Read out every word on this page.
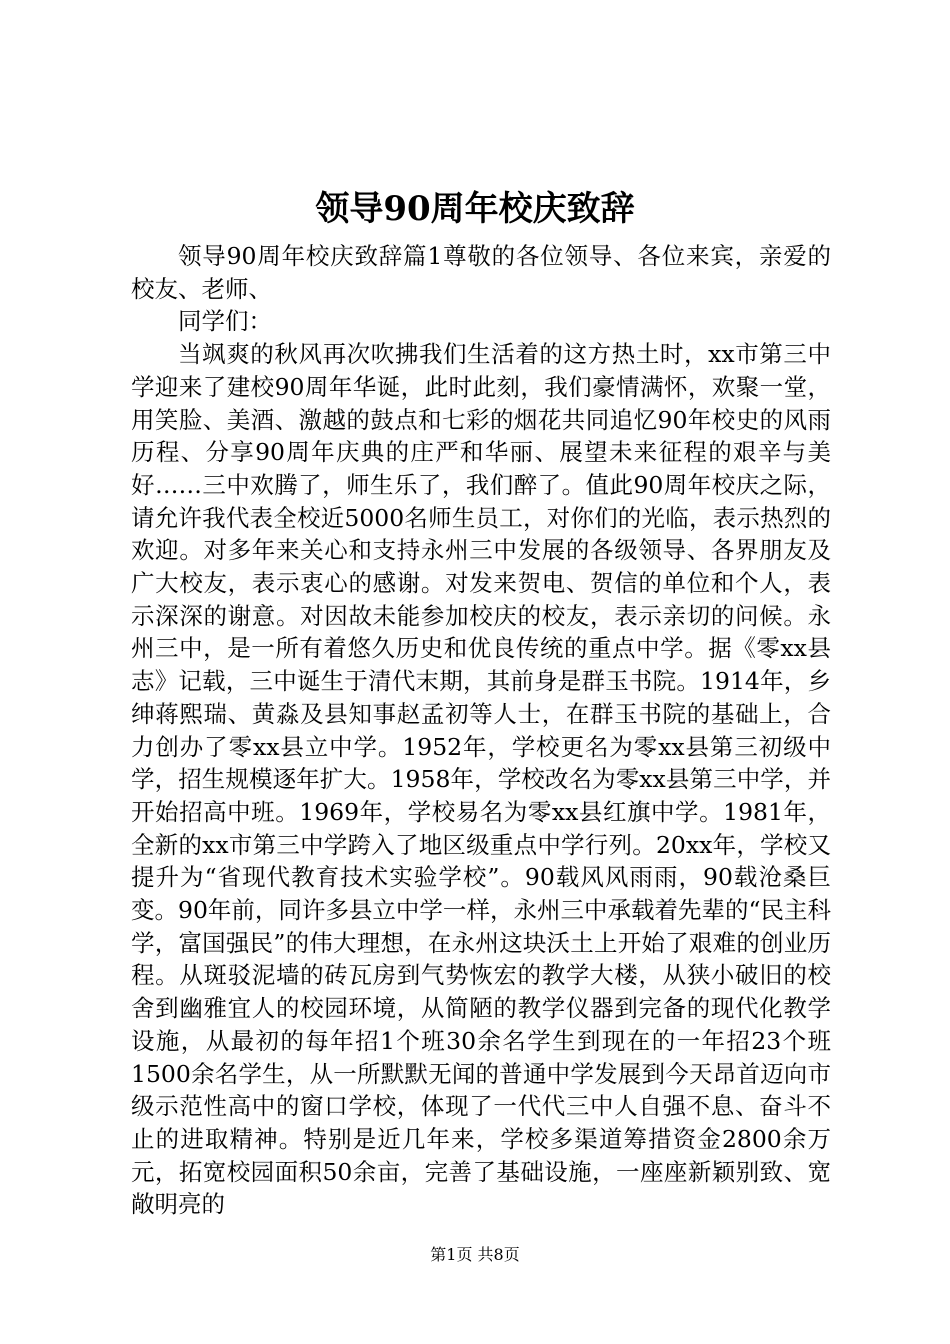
领导90周年校庆致辞

领导90周年校庆致辞篇1尊敬的各位领导、各位来宾，亲爱的校友、老师、

同学们：

当飒爽的秋风再次吹拂我们生活着的这方热土时，xx市第三中学迎来了建校90周年华诞，此时此刻，我们豪情满怀，欢聚一堂，用笑脸、美酒、激越的鼓点和七彩的烟花共同追忆90年校史的风雨历程、分享90周年庆典的庄严和华丽、展望未来征程的艰辛与美好……三中欢腾了，师生乐了，我们醉了。值此90周年校庆之际，请允许我代表全校近5000名师生员工，对你们的光临，表示热烈的欢迎。对多年来关心和支持永州三中发展的各级领导、各界朋友及广大校友，表示衷心的感谢。对发来贺电、贺信的单位和个人，表示深深的谢意。对因故未能参加校庆的校友，表示亲切的问候。永州三中，是一所有着悠久历史和优良传统的重点中学。据《零xx县志》记载，三中诞生于清代末期，其前身是群玉书院。1914年，乡绅蒋熙瑞、黄淼及县知事赵孟初等人士，在群玉书院的基础上，合力创办了零xx县立中学。1952年，学校更名为零xx县第三初级中学，招生规模逐年扩大。1958年，学校改名为零xx县第三中学，并开始招高中班。1969年，学校易名为零xx县红旗中学。1981年，全新的xx市第三中学跨入了地区级重点中学行列。20xx年，学校又提升为“省现代教育技术实验学校”。90载风风雨雨，90载沧桑巨变。90年前，同许多县立中学一样，永州三中承载着先辈的“民主科学，富国强民”的伟大理想，在永州这块沃土上开始了艰难的创业历程。从斑驳泥墙的砖瓦房到气势恢宏的教学大楼，从狭小破旧的校舍到幽雅宜人的校园环境，从简陋的教学仪器到完备的现代化教学设施，从最初的每年招1个班30余名学生到现在的一年招23个班1500余名学生，从一所默默无闻的普通中学发展到今天昂首迈向市级示范性高中的窗口学校，体现了一代代三中人自强不息、奋斗不止的进取精神。特别是近几年来，学校多渠道筹措资金2800余万元，拓宽校园面积50余亩，完善了基础设施，一座座新颖别致、宽敞明亮的

第1页 共8页
